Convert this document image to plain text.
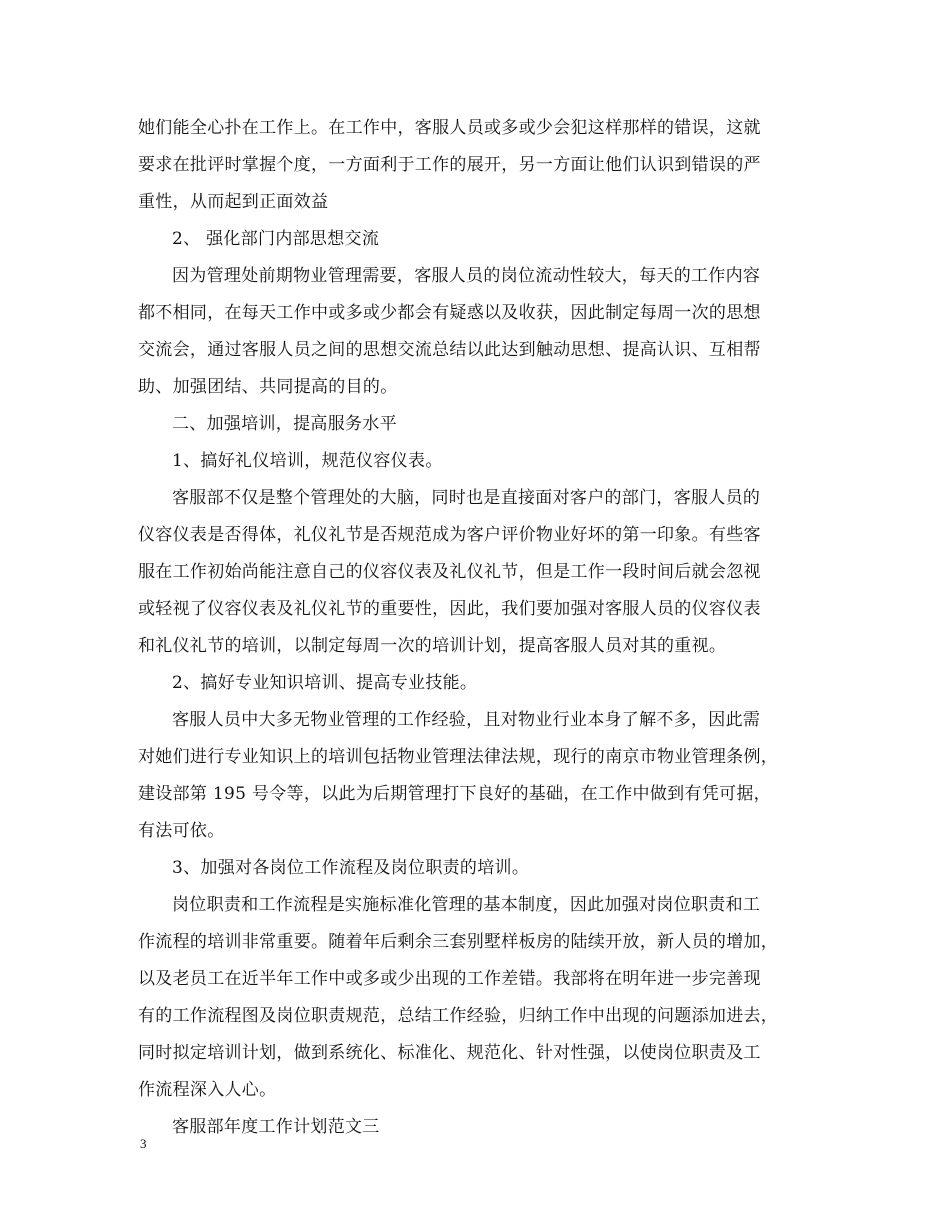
她们能全心扑在工作上。在工作中，客服人员或多或少会犯这样那样的错误，这就
要求在批评时掌握个度，一方面利于工作的展开，另一方面让他们认识到错误的严
重性，从而起到正面效益
2、 强化部门内部思想交流
因为管理处前期物业管理需要，客服人员的岗位流动性较大，每天的工作内容
都不相同，在每天工作中或多或少都会有疑惑以及收获，因此制定每周一次的思想
交流会，通过客服人员之间的思想交流总结以此达到触动思想、提高认识、互相帮
助、加强团结、共同提高的目的。
二、加强培训，提高服务水平
1、搞好礼仪培训，规范仪容仪表。
客服部不仅是整个管理处的大脑，同时也是直接面对客户的部门，客服人员的
仪容仪表是否得体，礼仪礼节是否规范成为客户评价物业好坏的第一印象。有些客
服在工作初始尚能注意自己的仪容仪表及礼仪礼节，但是工作一段时间后就会忽视
或轻视了仪容仪表及礼仪礼节的重要性，因此，我们要加强对客服人员的仪容仪表
和礼仪礼节的培训，以制定每周一次的培训计划，提高客服人员对其的重视。
2、搞好专业知识培训、提高专业技能。
客服人员中大多无物业管理的工作经验，且对物业行业本身了解不多，因此需
对她们进行专业知识上的培训包括物业管理法律法规，现行的南京市物业管理条例，
建设部第 195 号令等，以此为后期管理打下良好的基础，在工作中做到有凭可据，
有法可依。
3、加强对各岗位工作流程及岗位职责的培训。
岗位职责和工作流程是实施标准化管理的基本制度，因此加强对岗位职责和工
作流程的培训非常重要。随着年后剩余三套别墅样板房的陆续开放，新人员的增加，
以及老员工在近半年工作中或多或少出现的工作差错。我部将在明年进一步完善现
有的工作流程图及岗位职责规范，总结工作经验，归纳工作中出现的问题添加进去，
同时拟定培训计划，做到系统化、标准化、规范化、针对性强，以使岗位职责及工
作流程深入人心。
客服部年度工作计划范文三
3
